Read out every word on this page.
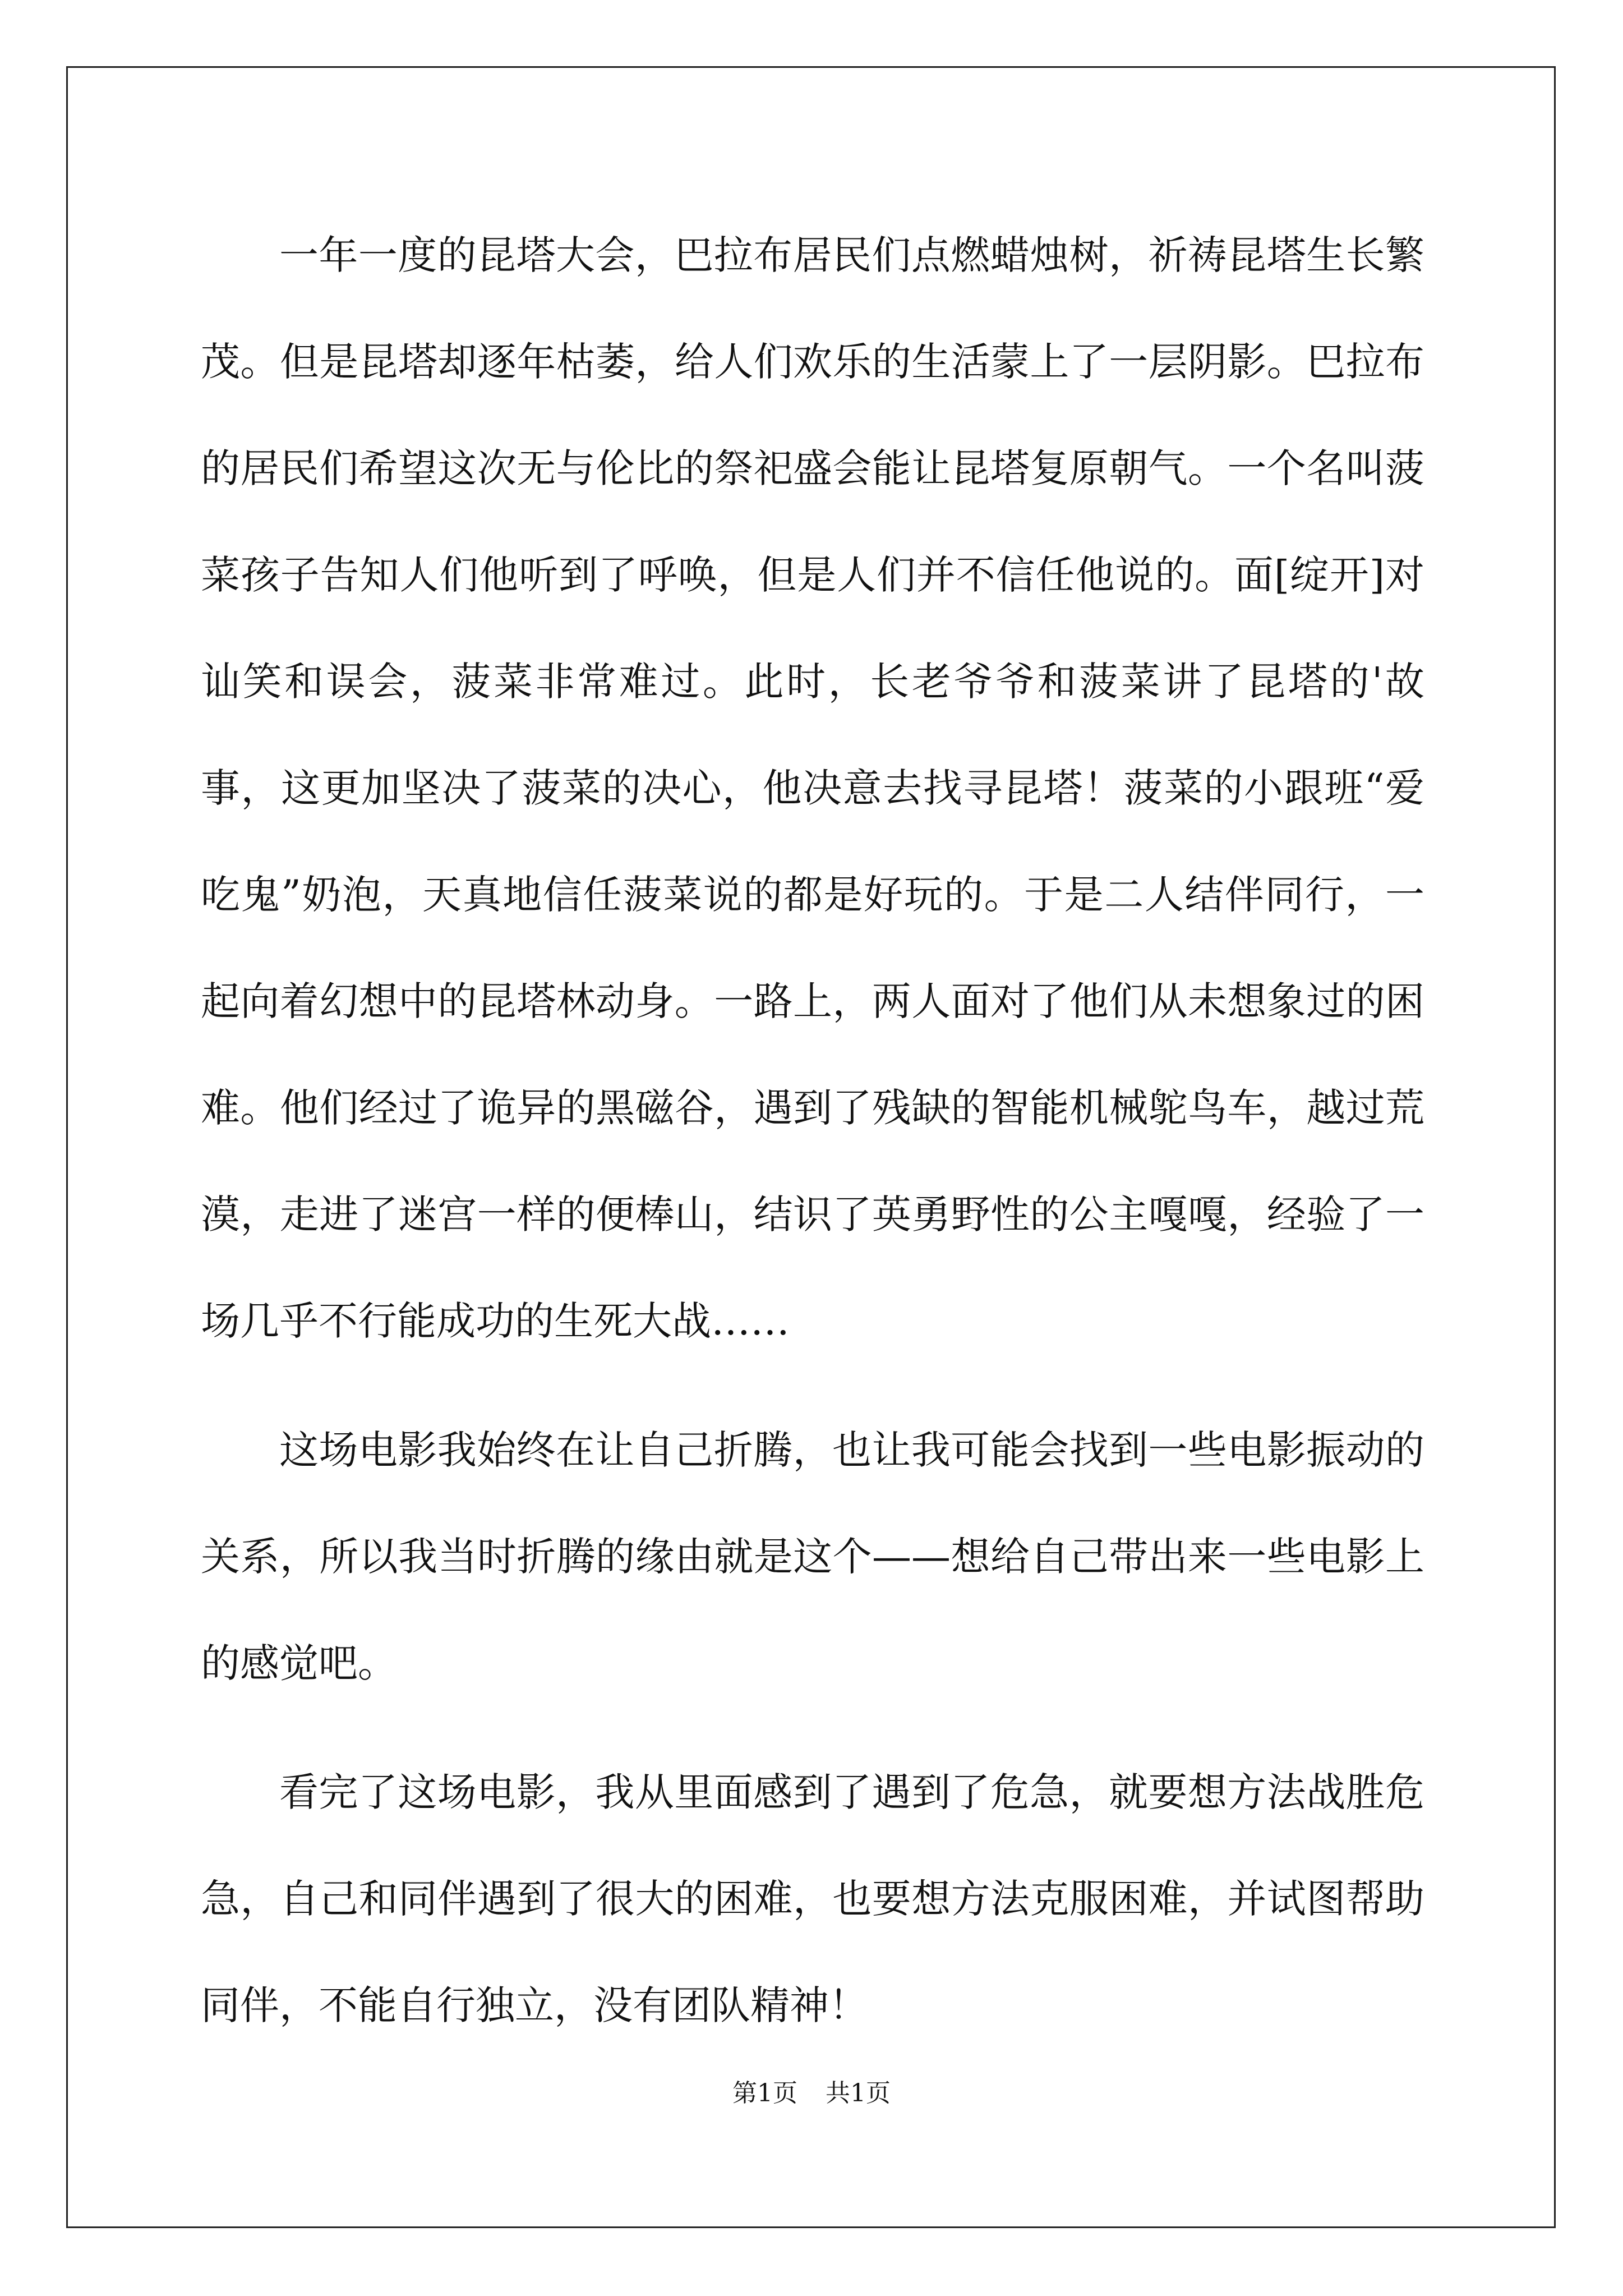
一年一度的昆塔大会，巴拉布居民们点燃蜡烛树，祈祷昆塔生长繁茂。但是昆塔却逐年枯萎，给人们欢乐的生活蒙上了一层阴影。巴拉布的居民们希望这次无与伦比的祭祀盛会能让昆塔复原朝气。一个名叫菠菜孩子告知人们他听到了呼唤，但是人们并不信任他说的。面[绽开]对讪笑和误会，菠菜非常难过。此时，长老爷爷和菠菜讲了昆塔的'故事，这更加坚决了菠菜的决心，他决意去找寻昆塔！菠菜的小跟班“爱吃鬼”奶泡，天真地信任菠菜说的都是好玩的。于是二人结伴同行，一起向着幻想中的昆塔林动身。一路上，两人面对了他们从未想象过的困难。他们经过了诡异的黑磁谷，遇到了残缺的智能机械鸵鸟车，越过荒漠，走进了迷宫一样的便棒山，结识了英勇野性的公主嘎嘎，经验了一场几乎不行能成功的生死大战……

这场电影我始终在让自己折腾，也让我可能会找到一些电影振动的关系，所以我当时折腾的缘由就是这个——想给自己带出来一些电影上的感觉吧。

看完了这场电影，我从里面感到了遇到了危急，就要想方法战胜危急，自己和同伴遇到了很大的困难，也要想方法克服困难，并试图帮助同伴，不能自行独立，没有团队精神！

第1页 共1页
